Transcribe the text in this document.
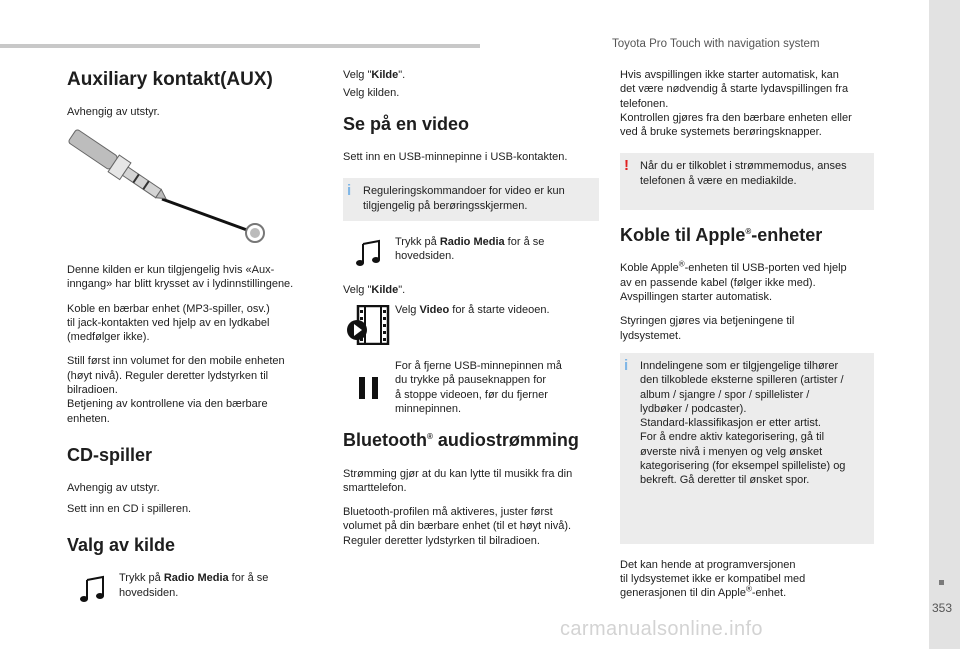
Toyota Pro Touch with navigation system
353
carmanualsonline.info
Auxiliary kontakt(AUX)

Avhengig av utstyr.

Denne kilden er kun tilgjengelig hvis «Aux-
inngang» har blitt krysset av i lydinnstillingene.

Koble en bærbar enhet (MP3-spiller, osv.)
til jack-kontakten ved hjelp av en lydkabel
(medfølger ikke).

Still først inn volumet for den mobile enheten
(høyt nivå). Reguler deretter lydstyrken til
bilradioen.
Betjening av kontrollene via den bærbare
enheten.

CD-spiller

Avhengig av utstyr.

Sett inn en CD i spilleren.

Valg av kilde
Trykk på Radio Media for å se
hovedsiden.

Velg "Kilde".

Velg kilden.

Se på en video

Sett inn en USB-minnepinne i USB-kontakten.

i	Reguleringskommandoer for video er kun
tilgjengelig på berøringsskjermen.
Trykk på Radio Media for å se
hovedsiden.

Velg "Kilde".

Velg Video for å starte videoen.
For å fjerne USB-minnepinnen må
du trykke på pauseknappen for
å stoppe videoen, før du fjerner
minnepinnen.
Bluetooth® audiostrømming

Strømming gjør at du kan lytte til musikk fra din
smarttelefon.

Bluetooth-profilen må aktiveres, juster først
volumet på din bærbare enhet (til et høyt nivå).
Reguler deretter lydstyrken til bilradioen.

Hvis avspillingen ikke starter automatisk, kan
det være nødvendig å starte lydavspillingen fra
telefonen.
Kontrollen gjøres fra den bærbare enheten eller
ved å bruke systemets berøringsknapper.

!	Når du er tilkoblet i strømmemodus, anses
telefonen å være en mediakilde.
Koble til Apple®-enheter

Koble Apple®-enheten til USB-porten ved hjelp
av en passende kabel (følger ikke med).
Avspillingen starter automatisk.

Styringen gjøres via betjeningene til
lydsystemet.

i	Inndelingene som er tilgjengelige tilhører
den tilkoblede eksterne spilleren (artister /
album / sjangre / spor / spillelister /
lydbøker / podcaster).
Standard-klassifikasjon er etter artist.
For å endre aktiv kategorisering, gå til
øverste nivå i menyen og velg ønsket
kategorisering (for eksempel spilleliste) og
bekreft. Gå deretter til ønsket spor.

Det kan hende at programversjonen
til lydsystemet ikke er kompatibel med
generasjonen til din Apple®-enhet.
